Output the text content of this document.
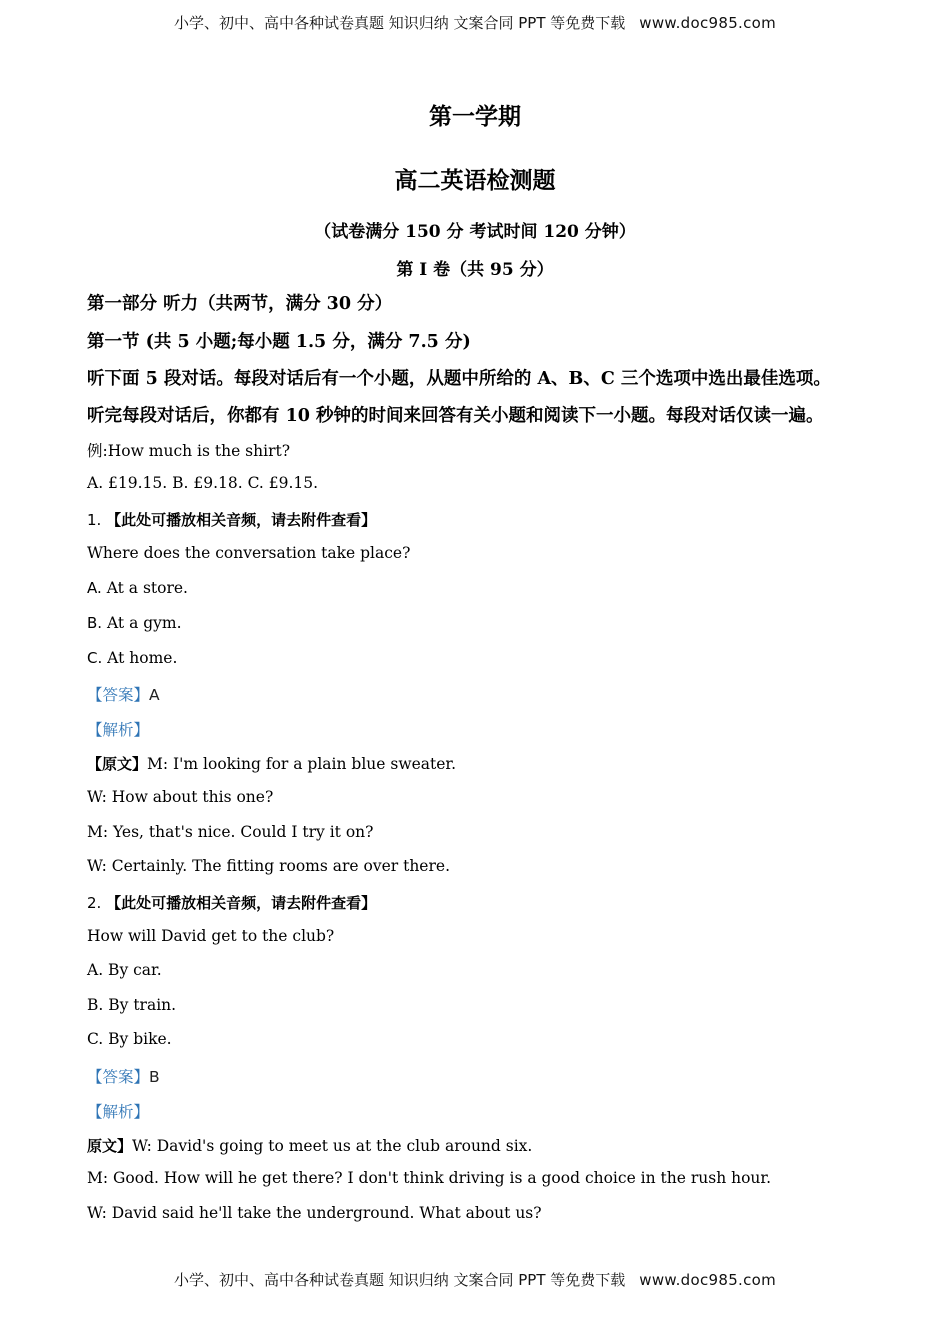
小学、初中、高中各种试卷真题 知识归纳 文案合同 PPT 等免费下载 www.doc985.com
第一学期
高二英语检测题
（试卷满分 150 分 考试时间 120 分钟）
第 I 卷（共 95 分）
第一部分 听力（共两节，满分 30 分）
第一节 (共 5 小题;每小题 1.5 分，满分 7.5 分)
听下面 5 段对话。每段对话后有一个小题，从题中所给的 A、B、C 三个选项中选出最佳选项。
听完每段对话后，你都有 10 秒钟的时间来回答有关小题和阅读下一小题。每段对话仅读一遍。
例:How much is the shirt?
A. £19.15. B. £9.18. C. £9.15.
1. 【此处可播放相关音频，请去附件查看】
Where does the conversation take place?
A. At a store.
B. At a gym.
C. At home.
【答案】A
【解析】
【原文】M: I'm looking for a plain blue sweater.
W: How about this one?
M: Yes, that's nice. Could I try it on?
W: Certainly. The fitting rooms are over there.
2. 【此处可播放相关音频，请去附件查看】
How will David get to the club?
A. By car.
B. By train.
C. By bike.
【答案】B
【解析】
原文】W: David's going to meet us at the club around six.
M: Good. How will he get there? I don't think driving is a good choice in the rush hour.
W: David said he'll take the underground. What about us?
小学、初中、高中各种试卷真题 知识归纳 文案合同 PPT 等免费下载 www.doc985.com
